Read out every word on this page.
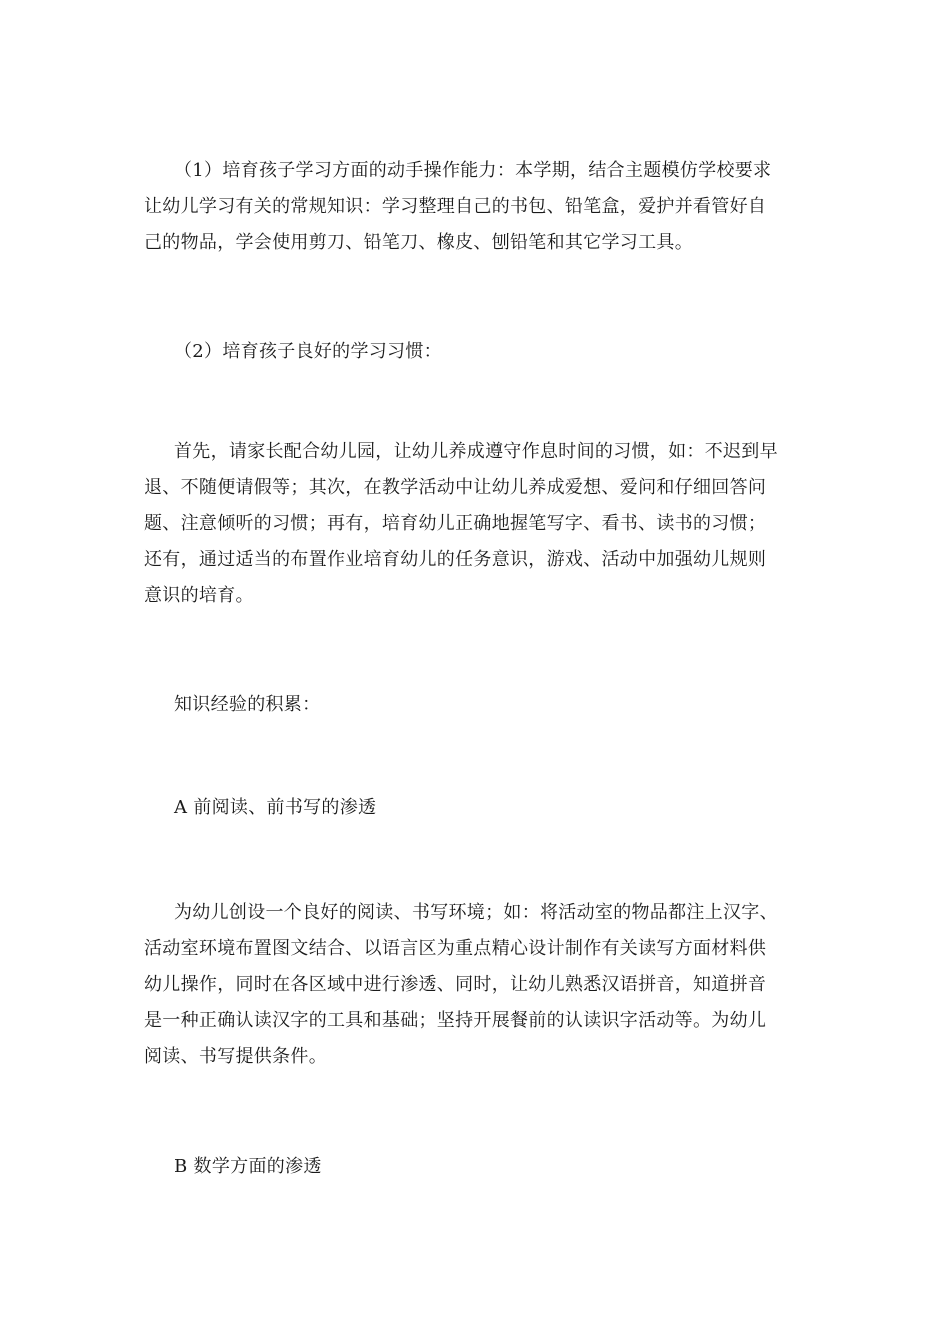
（1）培育孩子学习方面的动手操作能力：本学期，结合主题模仿学校要求
让幼儿学习有关的常规知识：学习整理自己的书包、铅笔盒，爱护并看管好自
己的物品，学会使用剪刀、铅笔刀、橡皮、刨铅笔和其它学习工具。

（2）培育孩子良好的学习习惯：

首先，请家长配合幼儿园，让幼儿养成遵守作息时间的习惯，如：不迟到早
退、不随便请假等；其次，在教学活动中让幼儿养成爱想、爱问和仔细回答问
题、注意倾听的习惯；再有，培育幼儿正确地握笔写字、看书、读书的习惯；
还有，通过适当的布置作业培育幼儿的任务意识，游戏、活动中加强幼儿规则
意识的培育。

知识经验的积累：

A 前阅读、前书写的渗透

为幼儿创设一个良好的阅读、书写环境；如：将活动室的物品都注上汉字、
活动室环境布置图文结合、以语言区为重点精心设计制作有关读写方面材料供
幼儿操作，同时在各区域中进行渗透、同时，让幼儿熟悉汉语拼音，知道拼音
是一种正确认读汉字的工具和基础；坚持开展餐前的认读识字活动等。为幼儿
阅读、书写提供条件。

B 数学方面的渗透
